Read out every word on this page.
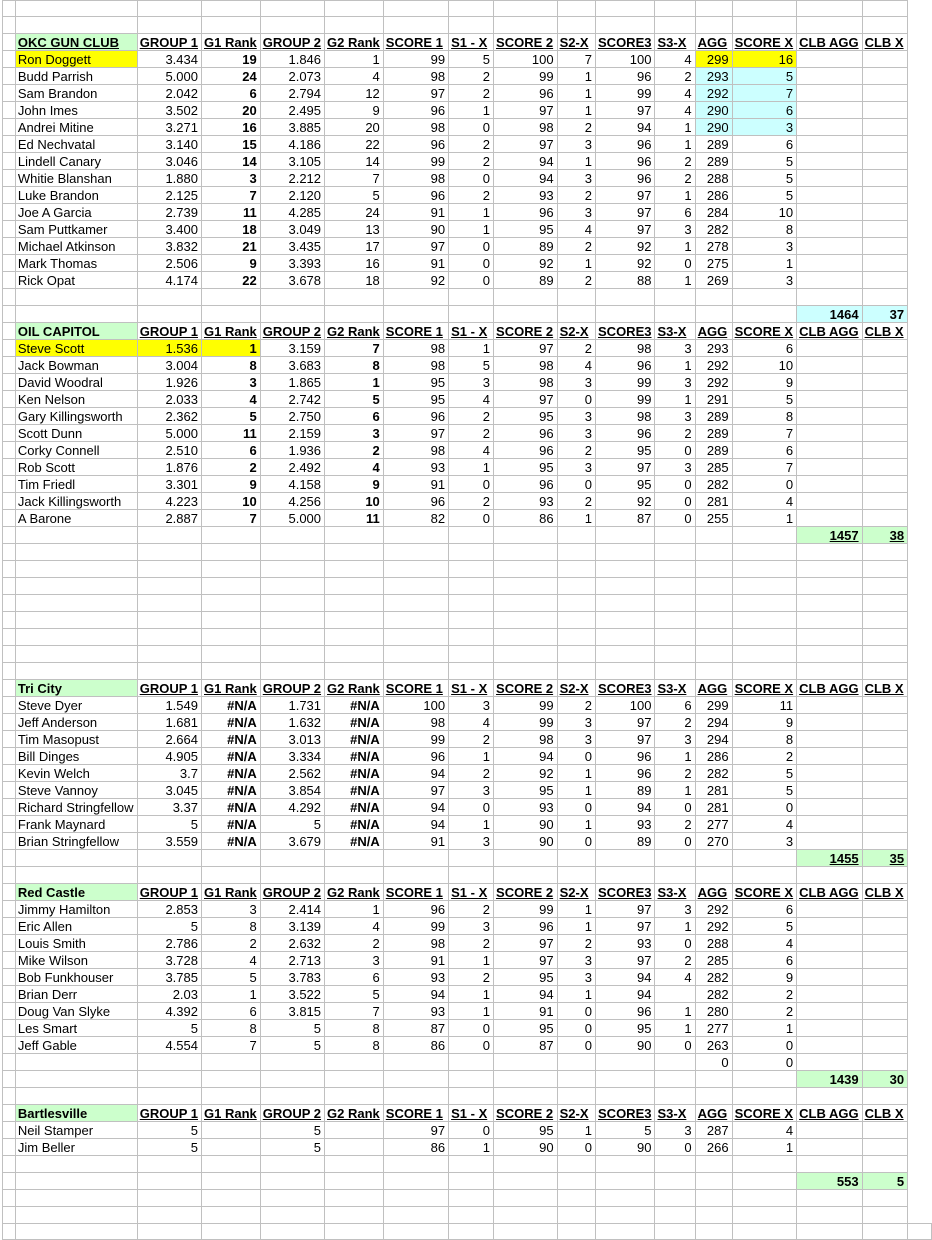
	OKC GUN CLUB	GROUP 1	G1 Rank	GROUP 2	G2 Rank	SCORE 1	S1 - X	SCORE 2	S2-X	SCORE3	S3-X	AGG	SCORE X	CLB AGG	CLB X	
	Ron Doggett	3.434	19	1.846	1	99	5	100	7	100	4	299	16			
	Budd Parrish	5.000	24	2.073	4	98	2	99	1	96	2	293	5			
	Sam Brandon	2.042	6	2.794	12	97	2	96	1	99	4	292	7			
	John Imes	3.502	20	2.495	9	96	1	97	1	97	4	290	6			
	Andrei Mitine	3.271	16	3.885	20	98	0	98	2	94	1	290	3			
	Ed Nechvatal	3.140	15	4.186	22	96	2	97	3	96	1	289	6			
	Lindell Canary	3.046	14	3.105	14	99	2	94	1	96	2	289	5			
	Whitie Blanshan	1.880	3	2.212	7	98	0	94	3	96	2	288	5			
	Luke Brandon	2.125	7	2.120	5	96	2	93	2	97	1	286	5			
	Joe A Garcia	2.739	11	4.285	24	91	1	96	3	97	6	284	10			
	Sam Puttkamer	3.400	18	3.049	13	90	1	95	4	97	3	282	8			
	Michael Atkinson	3.832	21	3.435	17	97	0	89	2	92	1	278	3			
	Mark Thomas	2.506	9	3.393	16	91	0	92	1	92	0	275	1			
	Rick Opat	4.174	22	3.678	18	92	0	89	2	88	1	269	3			

														1464	37	
	OIL CAPITOL	GROUP 1	G1 Rank	GROUP 2	G2 Rank	SCORE 1	S1 - X	SCORE 2	S2-X	SCORE3	S3-X	AGG	SCORE X	CLB AGG	CLB X	
	Steve Scott	1.536	1	3.159	7	98	1	97	2	98	3	293	6			
	Jack Bowman	3.004	8	3.683	8	98	5	98	4	96	1	292	10			
	David Woodral	1.926	3	1.865	1	95	3	98	3	99	3	292	9			
	Ken Nelson	2.033	4	2.742	5	95	4	97	0	99	1	291	5			
	Gary Killingsworth	2.362	5	2.750	6	96	2	95	3	98	3	289	8			
	Scott Dunn	5.000	11	2.159	3	97	2	96	3	96	2	289	7			
	Corky Connell	2.510	6	1.936	2	98	4	96	2	95	0	289	6			
	Rob Scott	1.876	2	2.492	4	93	1	95	3	97	3	285	7			
	Tim Friedl	3.301	9	4.158	9	91	0	96	0	95	0	282	0			
	Jack Killingsworth	4.223	10	4.256	10	96	2	93	2	92	0	281	4			
	A Barone	2.887	7	5.000	11	82	0	86	1	87	0	255	1			
														1457	38	

	Tri City	GROUP 1	G1 Rank	GROUP 2	G2 Rank	SCORE 1	S1 - X	SCORE 2	S2-X	SCORE3	S3-X	AGG	SCORE X	CLB AGG	CLB X	
	Steve Dyer	1.549	#N/A	1.731	#N/A	100	3	99	2	100	6	299	11			
	Jeff Anderson	1.681	#N/A	1.632	#N/A	98	4	99	3	97	2	294	9			
	Tim Masopust	2.664	#N/A	3.013	#N/A	99	2	98	3	97	3	294	8			
	Bill Dinges	4.905	#N/A	3.334	#N/A	96	1	94	0	96	1	286	2			
	Kevin Welch	3.7	#N/A	2.562	#N/A	94	2	92	1	96	2	282	5			
	Steve Vannoy	3.045	#N/A	3.854	#N/A	97	3	95	1	89	1	281	5			
	Richard Stringfellow	3.37	#N/A	4.292	#N/A	94	0	93	0	94	0	281	0			
	Frank Maynard	5	#N/A	5	#N/A	94	1	90	1	93	2	277	4			
	Brian Stringfellow	3.559	#N/A	3.679	#N/A	91	3	90	0	89	0	270	3			
														1455	35	

	Red Castle	GROUP 1	G1 Rank	GROUP 2	G2 Rank	SCORE 1	S1 - X	SCORE 2	S2-X	SCORE3	S3-X	AGG	SCORE X	CLB AGG	CLB X	
	Jimmy Hamilton	2.853	3	2.414	1	96	2	99	1	97	3	292	6			
	Eric Allen	5	8	3.139	4	99	3	96	1	97	1	292	5			
	Louis Smith	2.786	2	2.632	2	98	2	97	2	93	0	288	4			
	Mike Wilson	3.728	4	2.713	3	91	1	97	3	97	2	285	6			
	Bob Funkhouser	3.785	5	3.783	6	93	2	95	3	94	4	282	9			
	Brian Derr	2.03	1	3.522	5	94	1	94	1	94		282	2			
	Doug Van Slyke	4.392	6	3.815	7	93	1	91	0	96	1	280	2			
	Les Smart	5	8	5	8	87	0	95	0	95	1	277	1			
	Jeff Gable	4.554	7	5	8	86	0	87	0	90	0	263	0			
												0	0			
														1439	30	

	Bartlesville	GROUP 1	G1 Rank	GROUP 2	G2 Rank	SCORE 1	S1 - X	SCORE 2	S2-X	SCORE3	S3-X	AGG	SCORE X	CLB AGG	CLB X	
	Neil Stamper	5		5		97	0	95	1	5	3	287	4			
	Jim Beller	5		5		86	1	90	0	90	0	266	1			

														553	5	
